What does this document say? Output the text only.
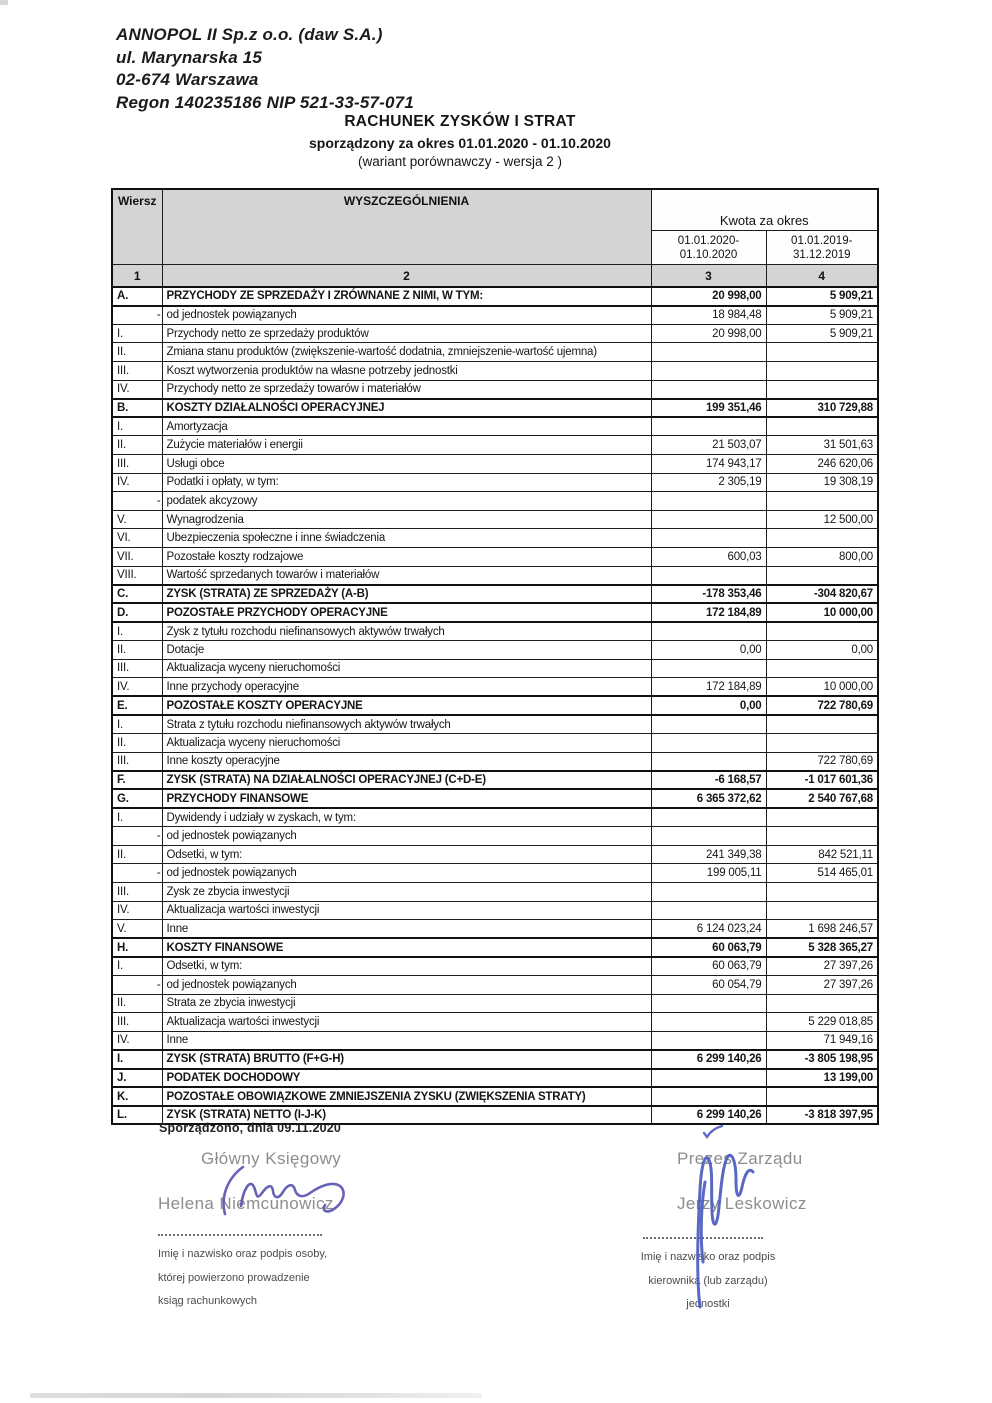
ANNOPOL II Sp.z o.o. (daw S.A.)
ul. Marynarska 15
02-674 Warszawa
Regon 140235186 NIP 521-33-57-071
RACHUNEK ZYSKÓW I STRAT
sporządzony za okres 01.01.2020 - 01.10.2020
(wariant porównawczy - wersja 2 )
Wiersz	WYSZCZEGÓLNIENIA	Kwota za okres	

01.01.2020-
01.10.2020

01.01.2019-
31.12.2019

1	2	3	4
A.	PRZYCHODY ZE SPRZEDAŻY I ZRÓWNANE Z NIMI, W TYM:	20 998,00	5 909,21
-	od jednostek powiązanych	18 984,48	5 909,21
I.	Przychody netto ze sprzedaży produktów	20 998,00	5 909,21
II.	Zmiana stanu produktów (zwiększenie-wartość dodatnia, zmniejszenie-wartość ujemna)		
III.	Koszt wytworzenia produktów na własne potrzeby jednostki		
IV.	Przychody netto ze sprzedaży towarów i materiałów		
B.	KOSZTY DZIAŁALNOŚCI OPERACYJNEJ	199 351,46	310 729,88
I.	Amortyzacja		
II.	Zużycie materiałów i energii	21 503,07	31 501,63
III.	Usługi obce	174 943,17	246 620,06
IV.	Podatki i opłaty, w tym:	2 305,19	19 308,19
-	podatek akcyzowy		
V.	Wynagrodzenia		12 500,00
VI.	Ubezpieczenia społeczne i inne świadczenia		
VII.	Pozostałe koszty rodzajowe	600,03	800,00
VIII.	Wartość sprzedanych towarów i materiałów		
C.	ZYSK (STRATA) ZE SPRZEDAŻY (A-B)	-178 353,46	-304 820,67
D.	POZOSTAŁE PRZYCHODY OPERACYJNE	172 184,89	10 000,00
I.	Zysk z tytułu rozchodu niefinansowych aktywów trwałych		
II.	Dotacje	0,00	0,00
III.	Aktualizacja wyceny nieruchomości		
IV.	Inne przychody operacyjne	172 184,89	10 000,00
E.	POZOSTAŁE KOSZTY OPERACYJNE	0,00	722 780,69
I.	Strata z tytułu rozchodu niefinansowych aktywów trwałych		
II.	Aktualizacja wyceny nieruchomości		
III.	Inne koszty operacyjne		722 780,69
F.	ZYSK (STRATA) NA DZIAŁALNOŚCI OPERACYJNEJ (C+D-E)	-6 168,57	-1 017 601,36
G.	PRZYCHODY FINANSOWE	6 365 372,62	2 540 767,68
I.	Dywidendy i udziały w zyskach, w tym:		
-	od jednostek powiązanych		
II.	Odsetki, w tym:	241 349,38	842 521,11
-	od jednostek powiązanych	199 005,11	514 465,01
III.	Zysk ze zbycia inwestycji		
IV.	Aktualizacja wartości inwestycji		
V.	Inne	6 124 023,24	1 698 246,57
H.	KOSZTY FINANSOWE	60 063,79	5 328 365,27
I.	Odsetki, w tym:	60 063,79	27 397,26
-	od jednostek powiązanych	60 054,79	27 397,26
II.	Strata ze zbycia inwestycji		
III.	Aktualizacja wartości inwestycji		5 229 018,85
IV.	Inne		71 949,16
I.	ZYSK (STRATA) BRUTTO (F+G-H)	6 299 140,26	-3 805 198,95
J.	PODATEK DOCHODOWY		13 199,00
K.	POZOSTAŁE OBOWIĄZKOWE ZMNIEJSZENIA ZYSKU (ZWIĘKSZENIA STRATY)		
L.	ZYSK (STRATA) NETTO (I-J-K)	6 299 140,26	-3 818 397,95
Sporządzono, dnia 09.11.2020
Główny Księgowy
Helena Niemcunowicz
Imię i nazwisko oraz podpis osoby,
której powierzono prowadzenie
ksiąg rachunkowych
Prezes Zarządu
Jerzy Leskowicz
Imię i nazwisko oraz podpis
kierownika (lub zarządu)
jednostki
